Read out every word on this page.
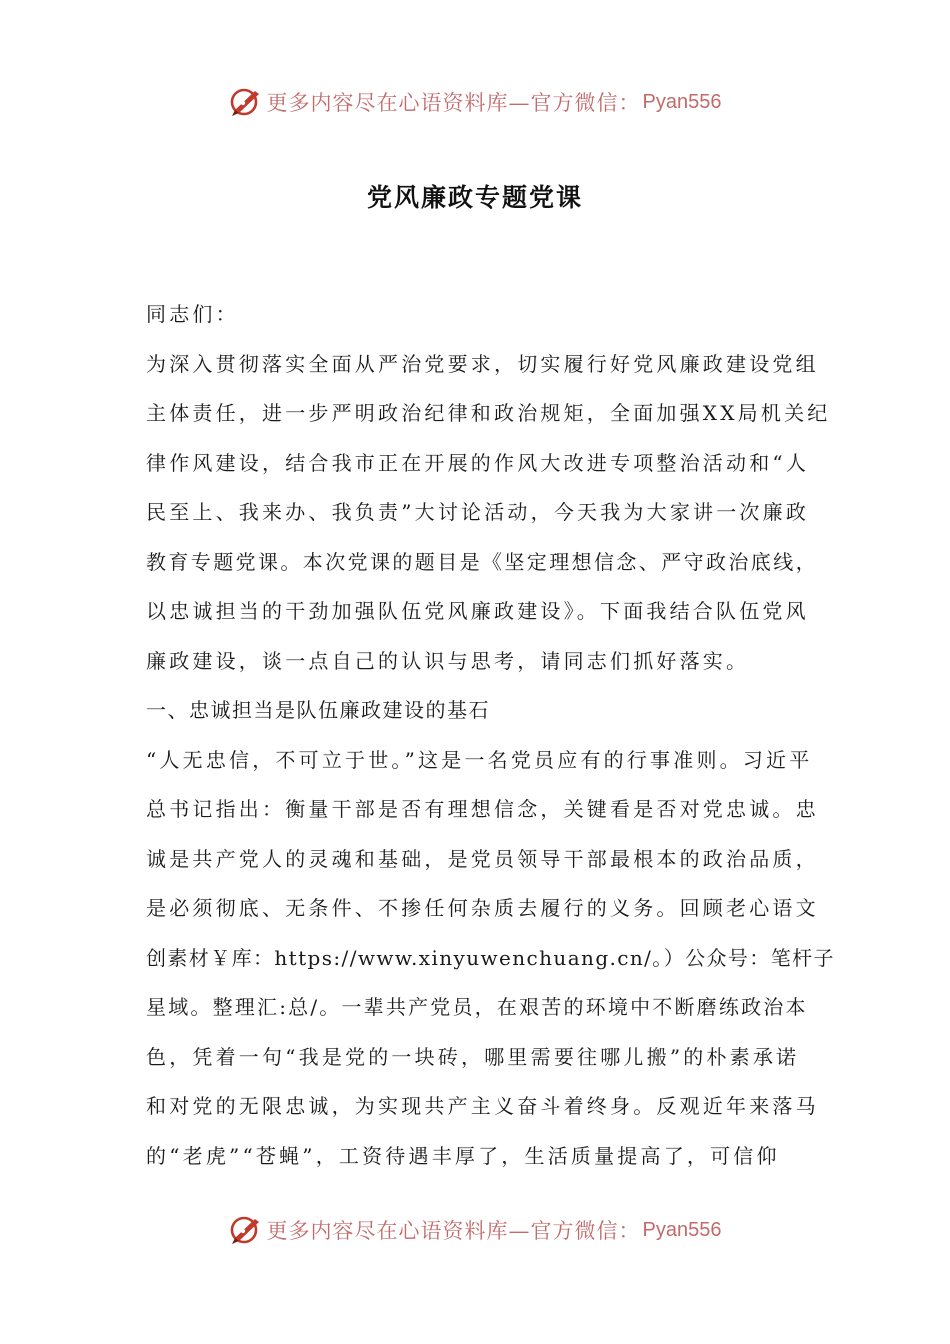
更多内容尽在心语资料库—官方微信： Pyan556
党风廉政专题党课

同志们：

为深入贯彻落实全面从严治党要求，切实履行好党风廉政建设党组

主体责任，进一步严明政治纪律和政治规矩，全面加强XX局机关纪

律作风建设，结合我市正在开展的作风大改进专项整治活动和“人

民至上、我来办、我负责”大讨论活动，今天我为大家讲一次廉政

教育专题党课。本次党课的题目是《坚定理想信念、严守政治底线，

以忠诚担当的干劲加强队伍党风廉政建设》。下面我结合队伍党风

廉政建设，谈一点自己的认识与思考，请同志们抓好落实。

一、忠诚担当是队伍廉政建设的基石

“人无忠信，不可立于世。”这是一名党员应有的行事准则。习近平

总书记指出：衡量干部是否有理想信念，关键看是否对党忠诚。忠

诚是共产党人的灵魂和基础，是党员领导干部最根本的政治品质，

是必须彻底、无条件、不掺任何杂质去履行的义务。回顾老心语文

创素材￥库：https://www.xinyuwenchuang.cn/。）公众号：笔杆子

星域。整理汇:总/。一辈共产党员，在艰苦的环境中不断磨练政治本

色，凭着一句“我是党的一块砖，哪里需要往哪儿搬”的朴素承诺

和对党的无限忠诚，为实现共产主义奋斗着终身。反观近年来落马

的“老虎”“苍蝇”，工资待遇丰厚了，生活质量提高了，可信仰

更多内容尽在心语资料库—官方微信： Pyan556
